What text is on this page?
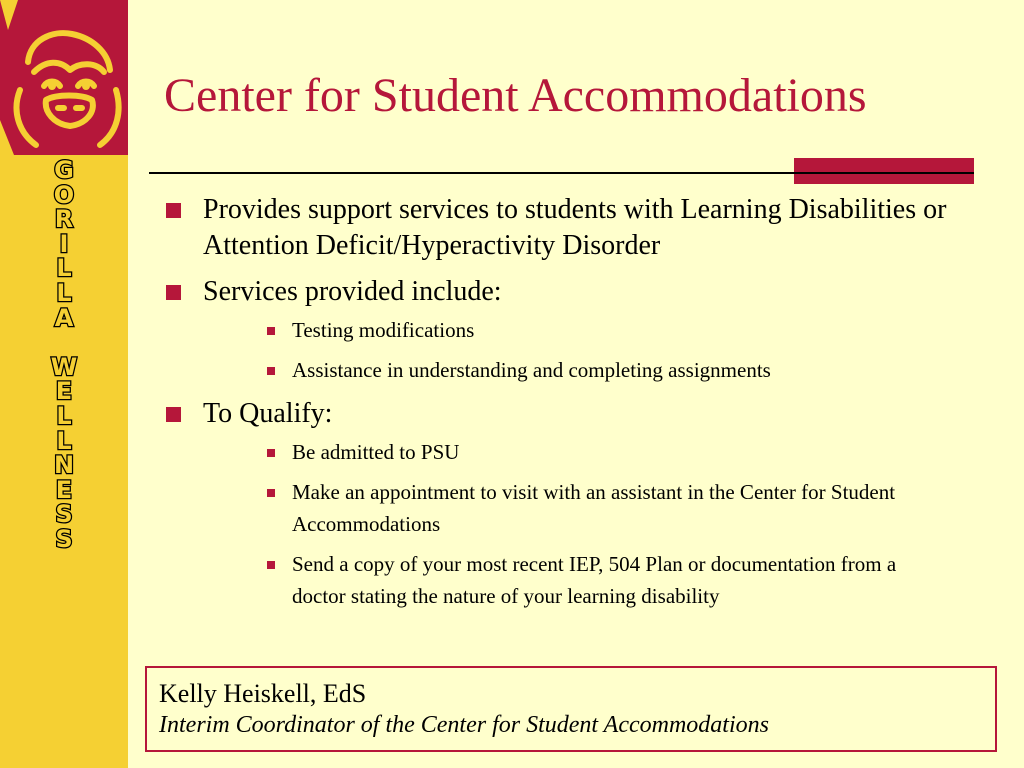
G
O
R
I
L
L
A
W
E
L
L
N
E
S
S
Center for Student Accommodations
Provides support services to students with Learning Disabilities or Attention Deficit/Hyperactivity Disorder
Services provided include:
Testing modifications
Assistance in understanding and completing assignments
To Qualify:
Be admitted to PSU
Make an appointment to visit with an assistant in the Center for Student Accommodations
Send a copy of your most recent IEP, 504 Plan or documentation from a doctor stating the nature of your learning disability
Kelly Heiskell, EdS
Interim Coordinator of the Center for Student Accommodations
